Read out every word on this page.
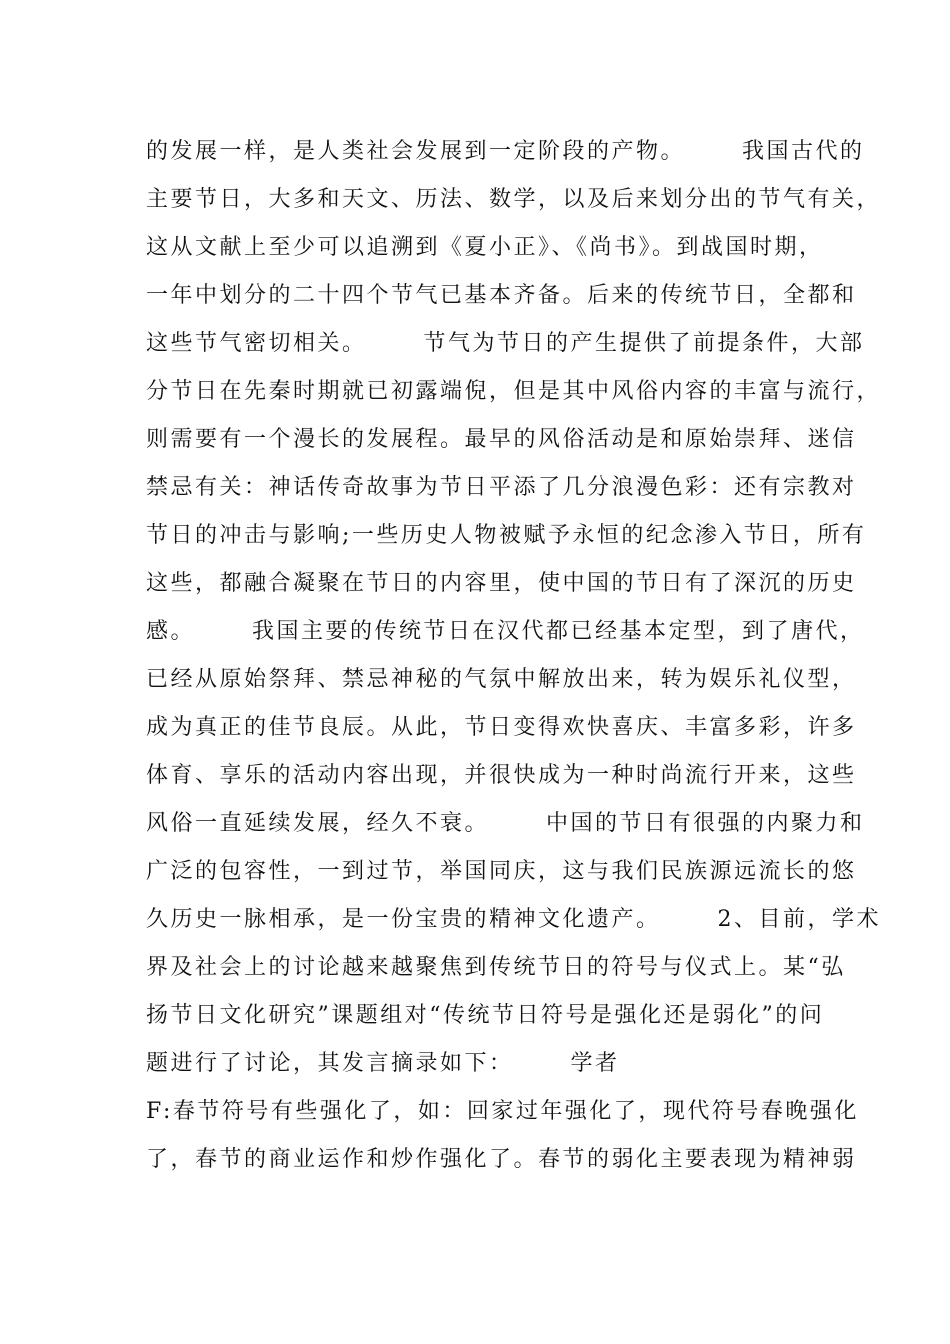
的发展一样，是人类社会发展到一定阶段的产物。      我国古代的
主要节日，大多和天文、历法、数学，以及后来划分出的节气有关，
这从文献上至少可以追溯到《夏小正》、《尚书》。到战国时期，
一年中划分的二十四个节气已基本齐备。后来的传统节日，全都和
这些节气密切相关。      节气为节日的产生提供了前提条件，大部
分节日在先秦时期就已初露端倪，但是其中风俗内容的丰富与流行，
则需要有一个漫长的发展程。最早的风俗活动是和原始崇拜、迷信
禁忌有关：神话传奇故事为节日平添了几分浪漫色彩：还有宗教对
节日的冲击与影响;一些历史人物被赋予永恒的纪念渗入节日，所有
这些，都融合凝聚在节日的内容里，使中国的节日有了深沉的历史
感。      我国主要的传统节日在汉代都已经基本定型，到了唐代，
已经从原始祭拜、禁忌神秘的气氛中解放出来，转为娱乐礼仪型，
成为真正的佳节良辰。从此，节日变得欢快喜庆、丰富多彩，许多
体育、享乐的活动内容出现，并很快成为一种时尚流行开来，这些
风俗一直延续发展，经久不衰。      中国的节日有很强的内聚力和
广泛的包容性，一到过节，举国同庆，这与我们民族源远流长的悠
久历史一脉相承，是一份宝贵的精神文化遗产。      2、目前，学术
界及社会上的讨论越来越聚焦到传统节日的符号与仪式上。某“弘
扬节日文化研究”课题组对“传统节日符号是强化还是弱化”的问
题进行了讨论，其发言摘录如下：      学者
F:春节符号有些强化了，如：回家过年强化了，现代符号春晚强化
了，春节的商业运作和炒作强化了。春节的弱化主要表现为精神弱
